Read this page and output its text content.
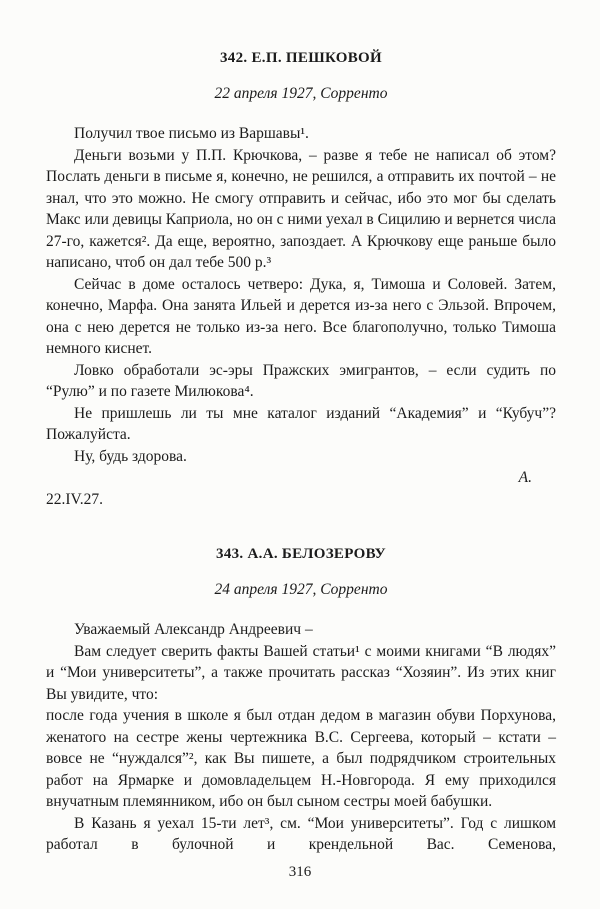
342. Е.П. ПЕШКОВОЙ
22 апреля 1927, Сорренто

Получил твое письмо из Варшавы¹.

Деньги возьми у П.П. Крючкова, – разве я тебе не написал об этом? Послать деньги в письме я, конечно, не решился, а отправить их почтой – не знал, что это можно. Не смогу отправить и сейчас, ибо это мог бы сделать Макс или девицы Каприола, но он с ними уехал в Сицилию и вернется числа 27-го, кажется². Да еще, вероятно, запоздает. А Крючкову еще раньше было написано, чтоб он дал тебе 500 р.³

Сейчас в доме осталось четверо: Дука, я, Тимоша и Соловей. Затем, конечно, Марфа. Она занята Ильей и дерется из-за него с Эльзой. Впрочем, она с нею дерется не только из-за него. Все благополучно, только Тимоша немного киснет.

Ловко обработали эс-эры Пражских эмигрантов, – если судить по “Рулю” и по газете Милюкова⁴.

Не пришлешь ли ты мне каталог изданий “Академия” и “Кубуч”? Пожалуйста.

Ну, будь здорова.

А.
22.IV.27.
343. А.А. БЕЛОЗЕРОВУ
24 апреля 1927, Сорренто

Уважаемый Александр Андреевич –

Вам следует сверить факты Вашей статьи¹ с моими книгами “В людях” и “Мои университеты”, а также прочитать рассказ “Хозяин”. Из этих книг Вы увидите, что:

после года учения в школе я был отдан дедом в магазин обуви Порхунова, женатого на сестре жены чертежника В.С. Сергеева, который – кстати – вовсе не “нуждался”², как Вы пишете, а был подрядчиком строительных работ на Ярмарке и домовладельцем Н.-Новгорода. Я ему приходился внучатным племянником, ибо он был сыном сестры моей бабушки.

В Казань я уехал 15-ти лет³, см. “Мои университеты”. Год с лишком работал в булочной и крендельной Вас. Семенова,

316
